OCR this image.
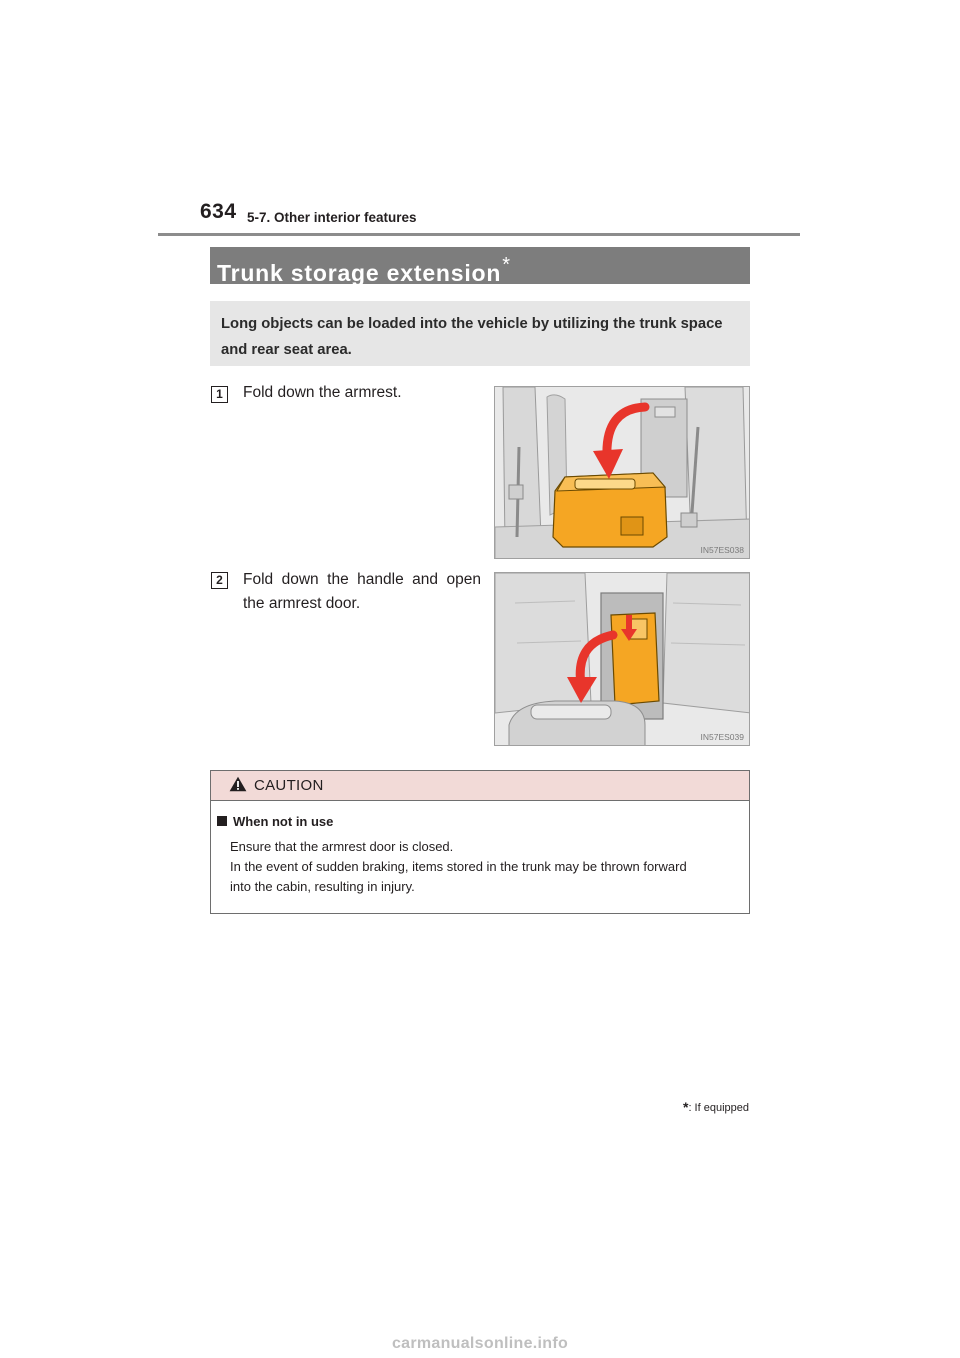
634 5-7. Other interior features
Trunk storage extension*
Long objects can be loaded into the vehicle by utilizing the trunk space and rear seat area.
1	Fold down the armrest.
IN57ES038
2	Fold down the handle and open the armrest door.
IN57ES039
CAUTION
When not in use
Ensure that the armrest door is closed.
In the event of sudden braking, items stored in the trunk may be thrown forward
into the cabin, resulting in injury.
*: If equipped
carmanualsonline.info
